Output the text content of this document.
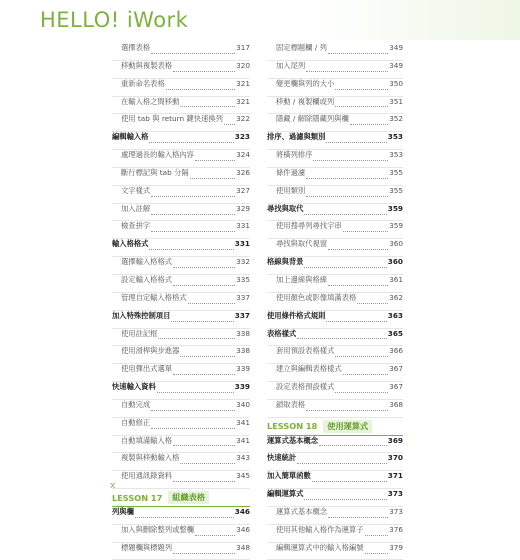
HELLO! iWork
選擇表格	317
移動與複製表格	320
重新命名表格	321
在輸入格之間移動	321
使用 tab 與 return 鍵快速換列 322
編輯輸入格	323
處理過長的輸入格內容	324
斷行標記與 tab 分隔	326
文字樣式	327
加入註解	329
檢查拼字	331
輸入格格式	331
選擇輸入格格式	332
設定輸入格格式	335
管理自定輸入格格式	337
加入特殊控制項目	337
使用註記框	338
使用滑桿與步進器	338
使用彈出式選單	339
快速輸入資料	339
自動完成	340
自動修正	341
自動填滿輸入格	341
複製與移動輸入格	343
使用通訊錄資料	345
LESSON 17	組織表格
列與欄	346
加入與刪除整列或整欄	346
標題欄與標題列	348
固定標題欄 / 列	349
加入尾列	349
變更欄與列的大小	350
移動 / 複製欄或列	351
隱藏 / 解除隱藏列與欄	352
排序、過濾與類別	353
將橫列排序	353
條件過濾	355
使用類別	355
尋找與取代	359
使用搜尋列尋找字串	359
尋找與取代視窗	360
格線與背景	360
加上邊線與格線	361
使用顏色或影像填滿表格	362
使用條件格式規則	363
表格樣式	365
套用預設表格樣式	366
建立與編輯表格樣式	367
設定表格預設樣式	367
鎖取表格	368
LESSON 18	使用運算式
運算式基本概念	369
快速統計	370
加入簡單函數	371
編輯運算式	373
運算式基本概念	373
使用其他輸入格作為運算子	376
編輯運算式中的輸入格編號	379
x
